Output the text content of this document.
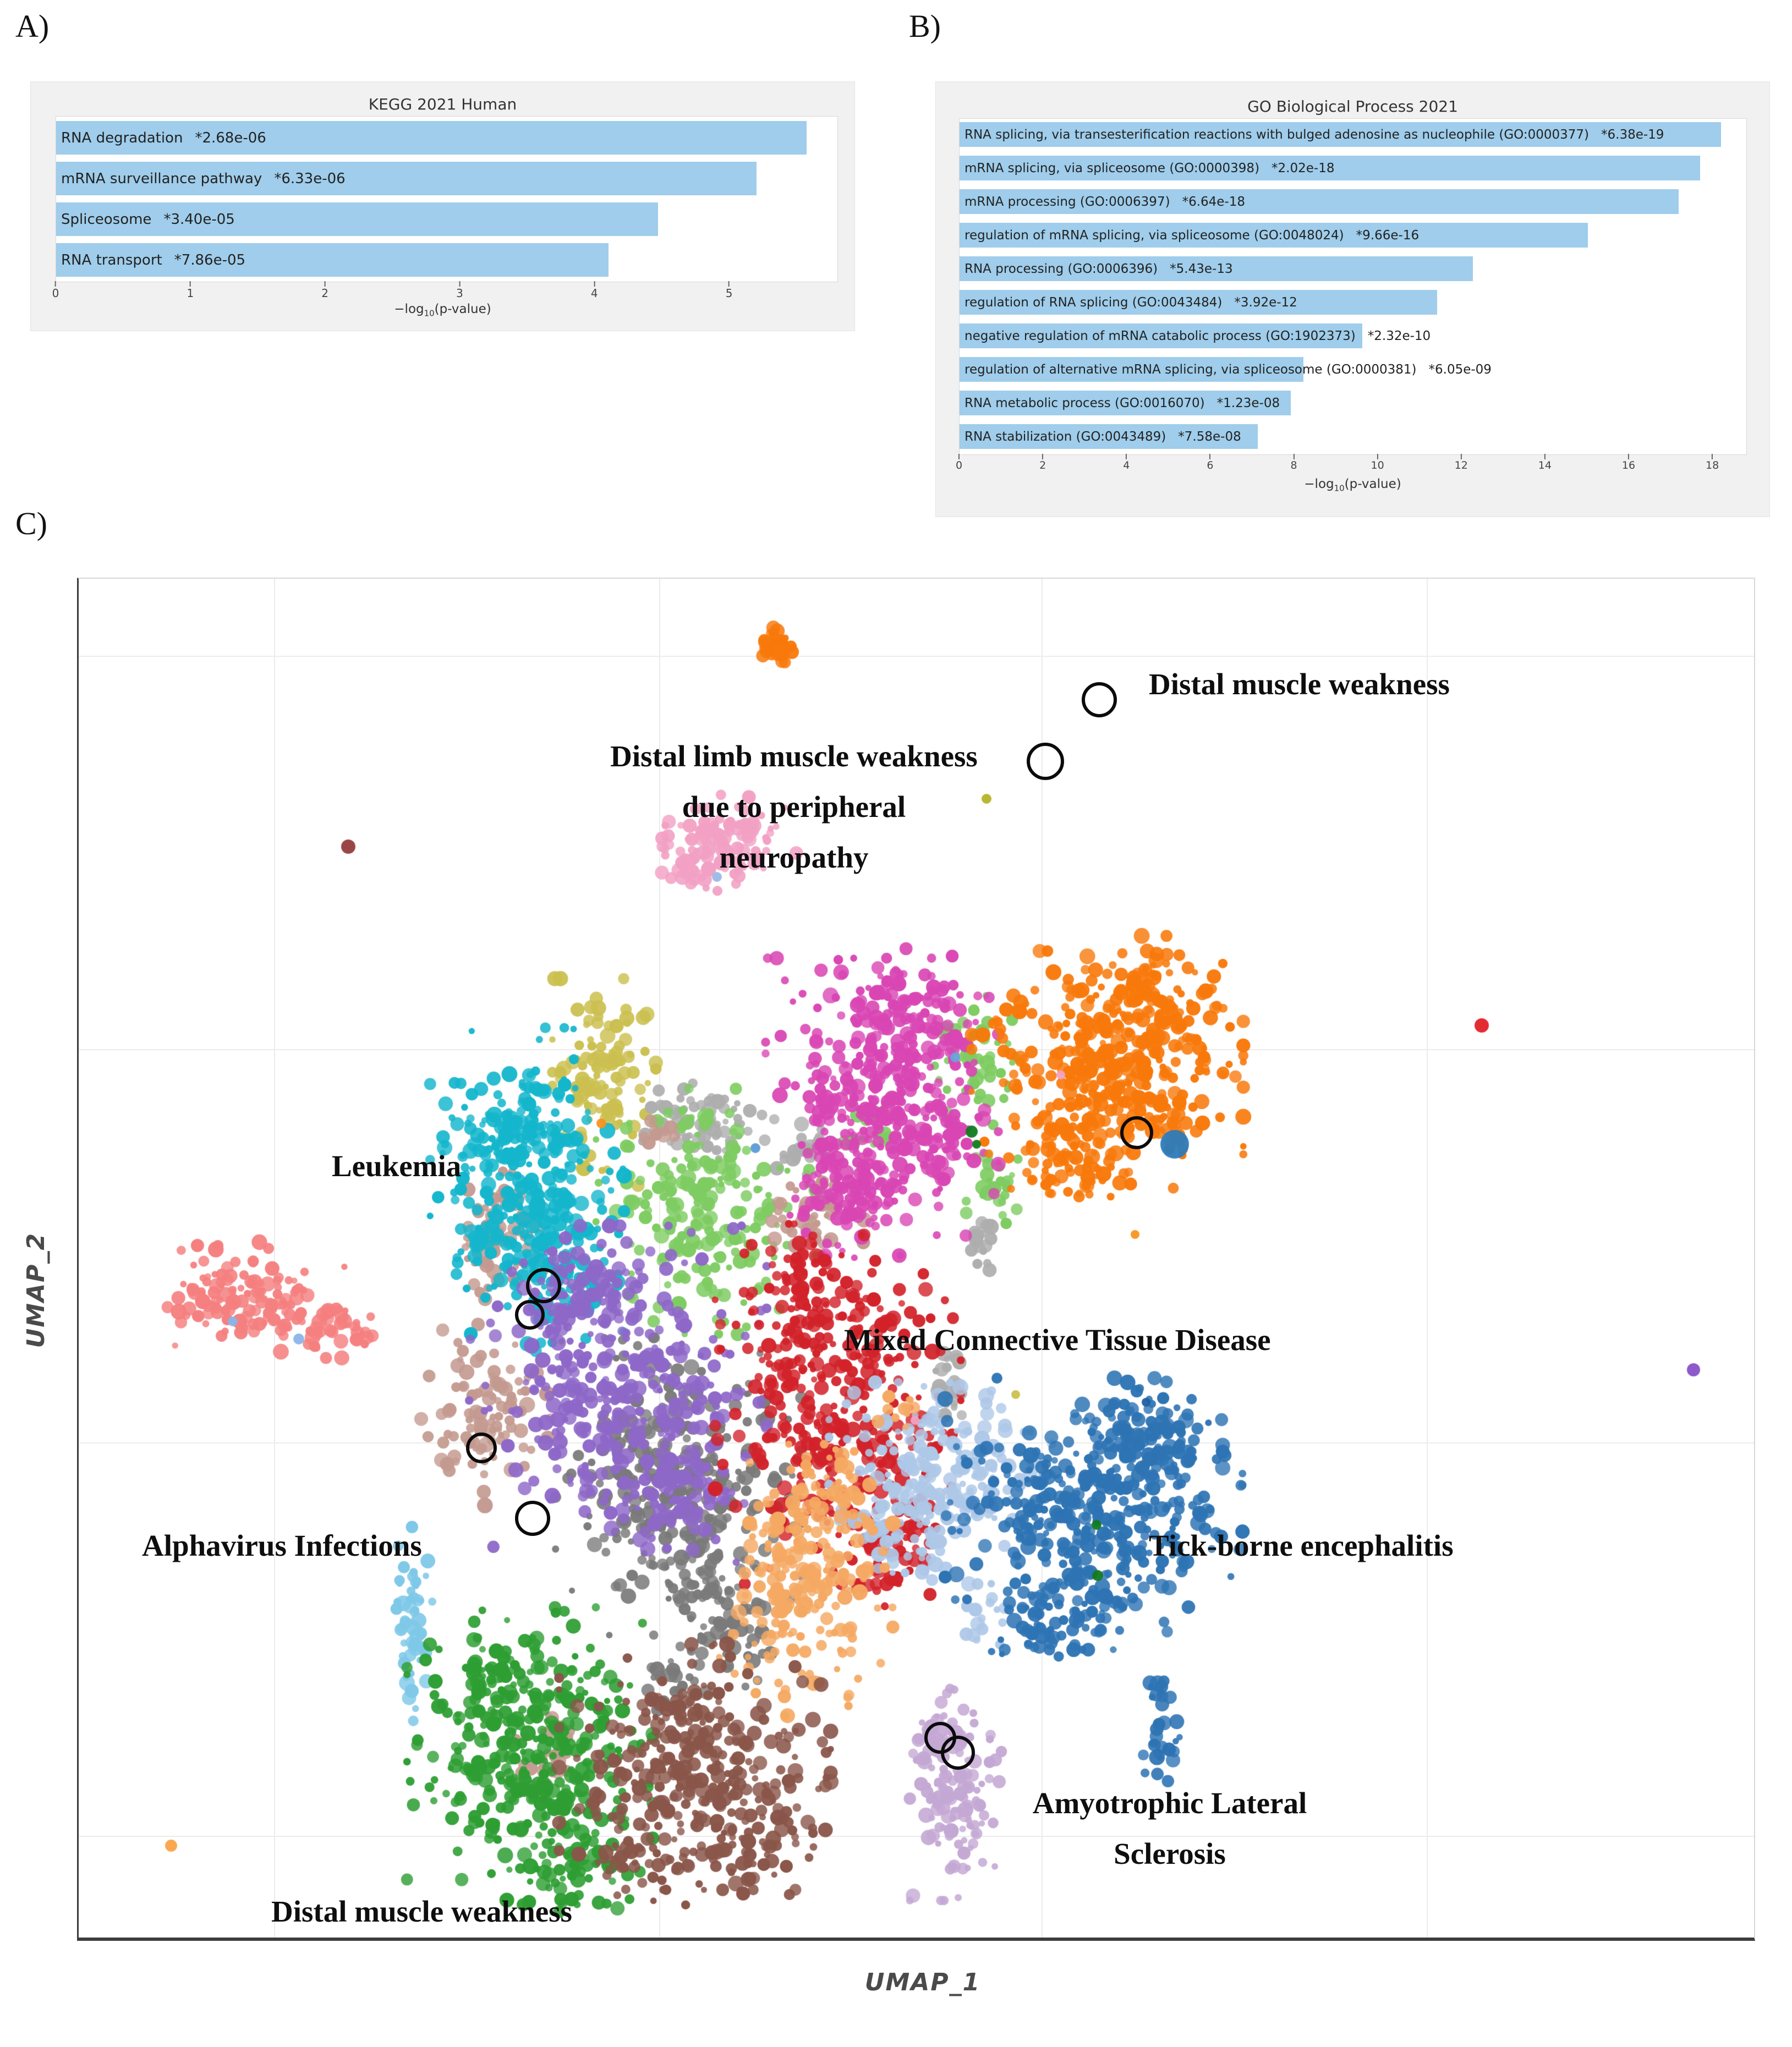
A)	B)
C)
KEGG 2021 Human
RNA degradation *2.68e-06
mRNA surveillance pathway *6.33e-06
Spliceosome *3.40e-05
RNA transport *7.86e-05
0	1	2	3	4	5
$-\log_{10}(p-value)$
GO Biological Process 2021
RNA splicing, via transesterification reactions with bulged adenosine as nucleophile (GO:0000377) *6.38e-19
mRNA splicing, via spliceosome (GO:0000398) *2.02e-18
mRNA processing (GO:0006397) *6.64e-18
regulation of mRNA splicing, via spliceosome (GO:0048024) *9.66e-16
RNA processing (GO:0006396) *5.43e-13
regulation of RNA splicing (GO:0043484) *3.92e-12
negative regulation of mRNA catabolic process (GO:1902373) *2.32e-10
regulation of alternative mRNA splicing, via spliceosome (GO:0000381) *6.05e-09
RNA metabolic process (GO:0016070) *1.23e-08
RNA stabilization (GO:0043489) *7.58e-08
0	2	4	6	8	10	12	14	16	18
$-\log_{10}(p-value)$
Distal muscle weakness
Distal limb muscle weakness
due to peripheral
neuropathy
Leukemia
Mixed Connective Tissue Disease
Alphavirus Infections	Tick-borne encephalitis
Amyotrophic Lateral
Sclerosis
Distal muscle weakness
UMAP_2
UMAP_1
